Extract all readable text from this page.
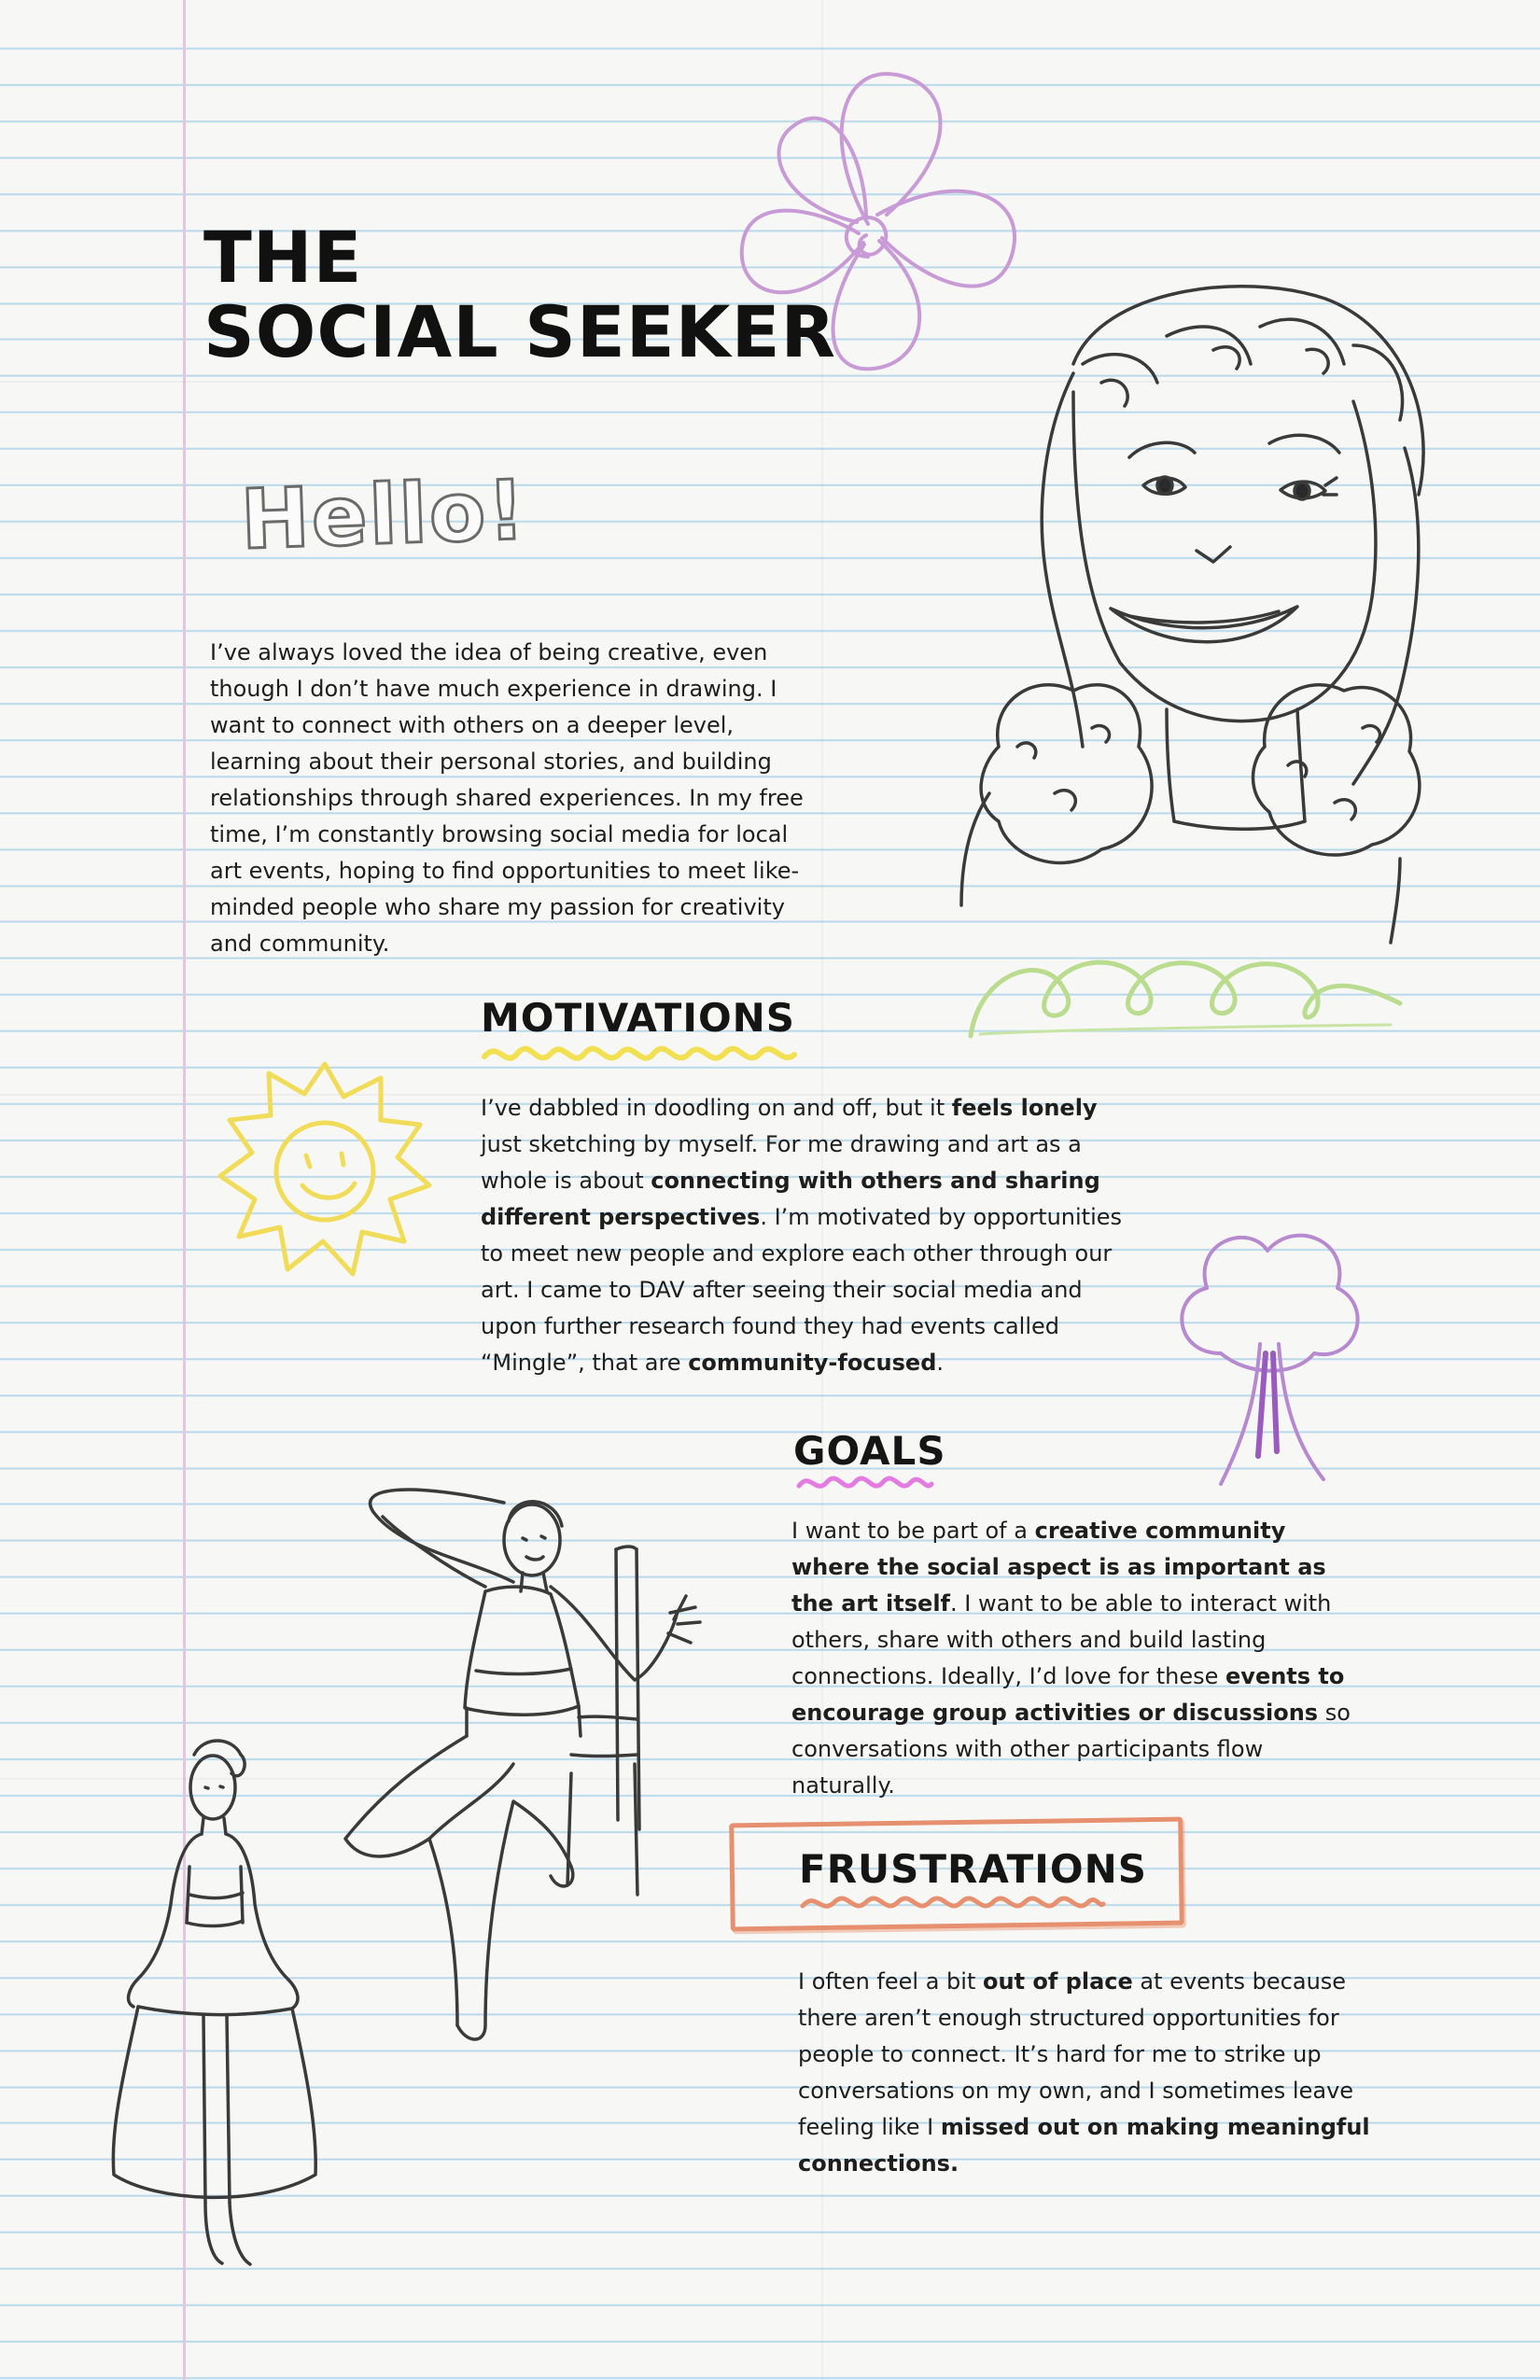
THE
SOCIAL SEEKER
Hello!

I’ve always loved the idea of being creative, even though I don’t have much experience in drawing. I want to connect with others on a deeper level, learning about their personal stories, and building relationships through shared experiences. In my free time, I’m constantly browsing social media for local art events, hoping to find opportunities to meet like-minded people who share my passion for creativity and community.

MOTIVATIONS

I’ve dabbled in doodling on and off, but it feels lonely just sketching by myself. For me drawing and art as a whole is about connecting with others and sharing different perspectives. I’m motivated by opportunities to meet new people and explore each other through our art. I came to DAV after seeing their social media and upon further research found they had events called “Mingle”, that are community-focused.

GOALS

I want to be part of a creative community where the social aspect is as important as the art itself. I want to be able to interact with others, share with others and build lasting connections. Ideally, I’d love for these events to encourage group activities or discussions so conversations with other participants flow naturally.

FRUSTRATIONS

I often feel a bit out of place at events because there aren’t enough structured opportunities for people to connect. It’s hard for me to strike up conversations on my own, and I sometimes leave feeling like I missed out on making meaningful connections.
